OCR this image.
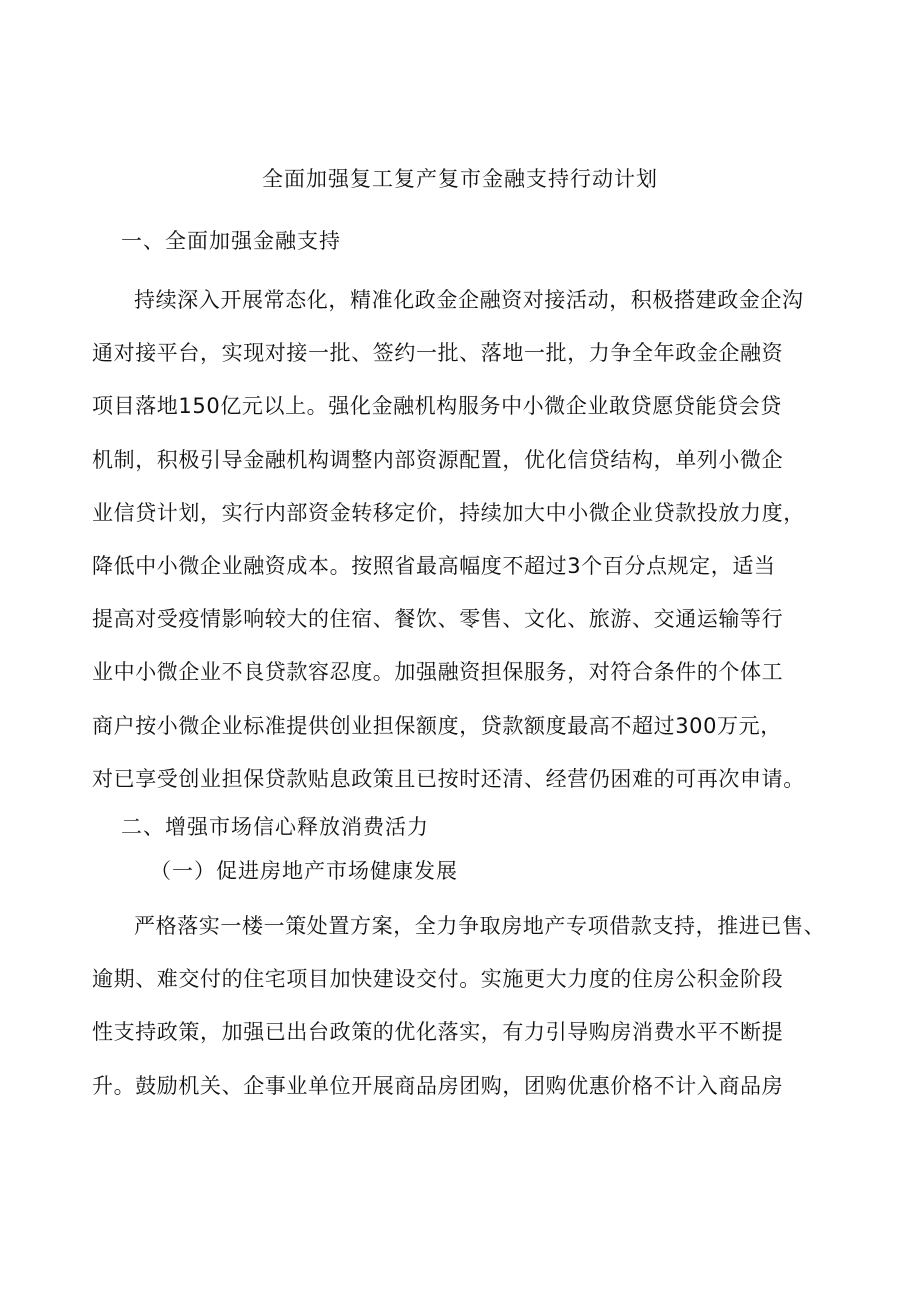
全面加强复工复产复市金融支持行动计划
一、全面加强金融支持
持续深入开展常态化，精准化政金企融资对接活动，积极搭建政金企沟
通对接平台，实现对接一批、签约一批、落地一批，力争全年政金企融资
项目落地150亿元以上。强化金融机构服务中小微企业敢贷愿贷能贷会贷
机制，积极引导金融机构调整内部资源配置，优化信贷结构，单列小微企
业信贷计划，实行内部资金转移定价，持续加大中小微企业贷款投放力度，
降低中小微企业融资成本。按照省最高幅度不超过3个百分点规定，适当
提高对受疫情影响较大的住宿、餐饮、零售、文化、旅游、交通运输等行
业中小微企业不良贷款容忍度。加强融资担保服务，对符合条件的个体工
商户按小微企业标准提供创业担保额度，贷款额度最高不超过300万元，
对已享受创业担保贷款贴息政策且已按时还清、经营仍困难的可再次申请。
二、增强市场信心释放消费活力
（一）促进房地产市场健康发展
严格落实一楼一策处置方案，全力争取房地产专项借款支持，推进已售、
逾期、难交付的住宅项目加快建设交付。实施更大力度的住房公积金阶段
性支持政策，加强已出台政策的优化落实，有力引导购房消费水平不断提
升。鼓励机关、企事业单位开展商品房团购，团购优惠价格不计入商品房
